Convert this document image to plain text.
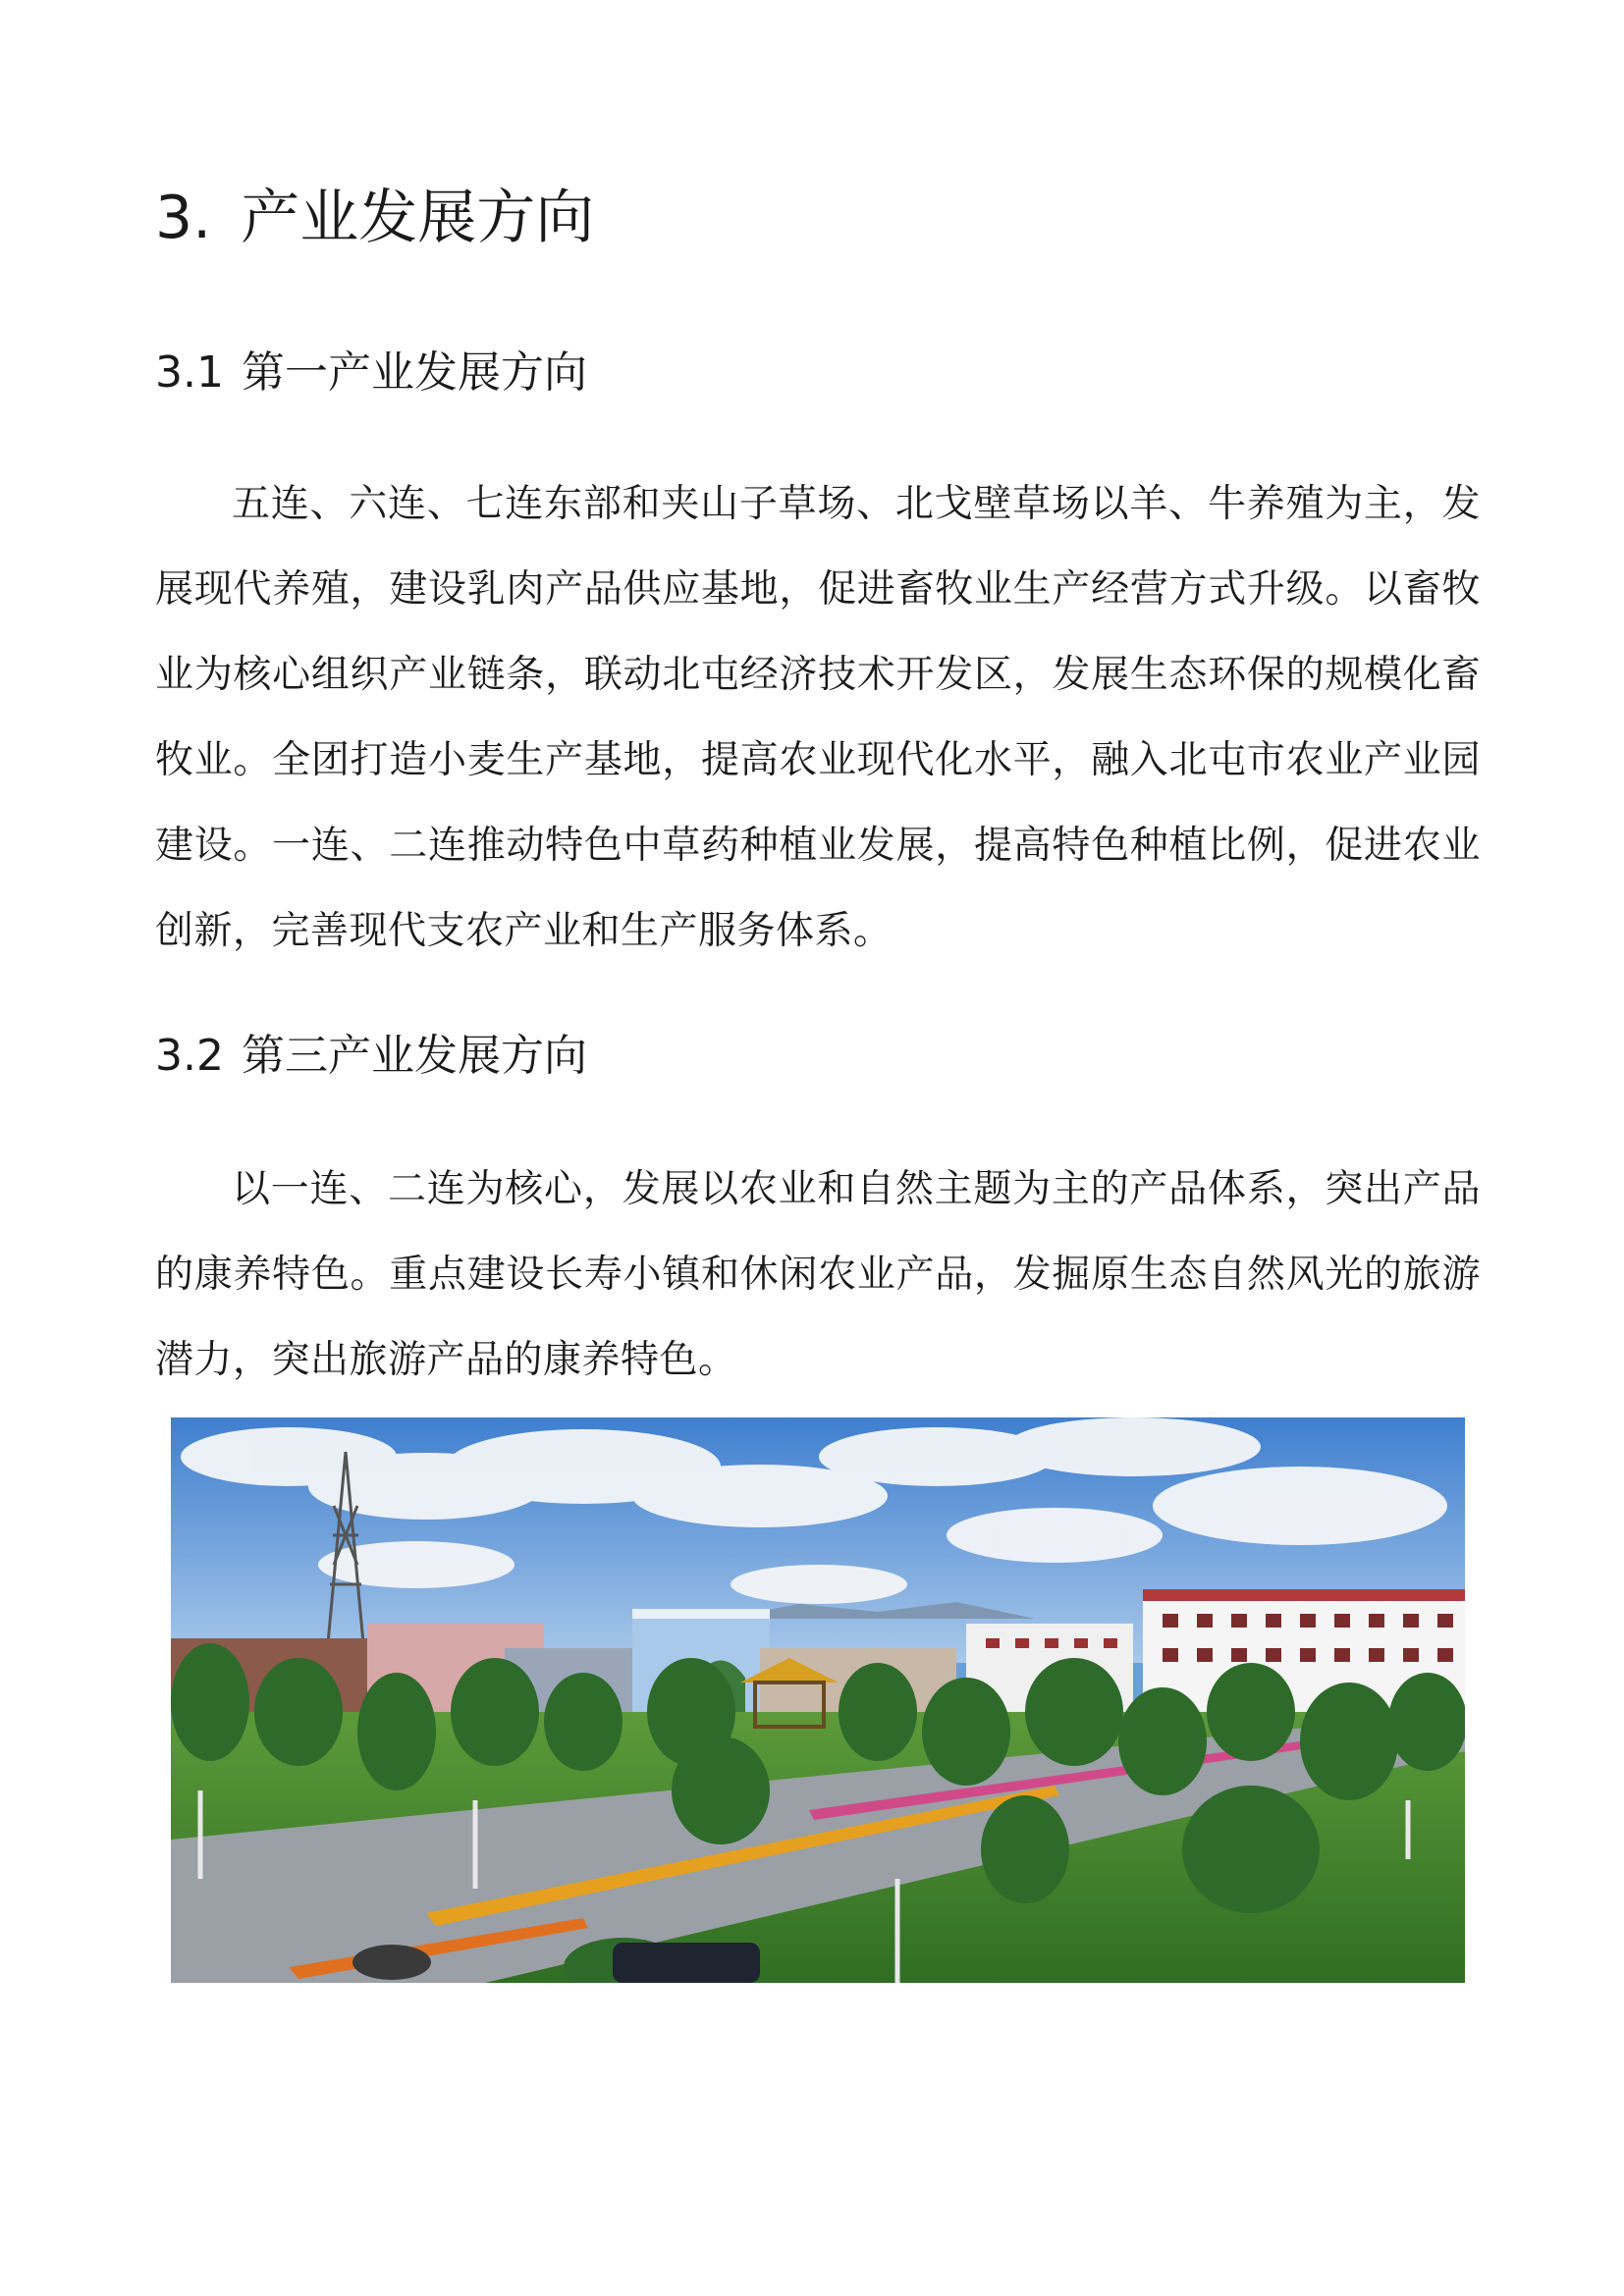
3. 产业发展方向
3.1 第一产业发展方向

五连、六连、七连东部和夹山子草场、北戈壁草场以羊、牛养殖为主，发展现代养殖，建设乳肉产品供应基地，促进畜牧业生产经营方式升级。以畜牧业为核心组织产业链条，联动北屯经济技术开发区，发展生态环保的规模化畜牧业。全团打造小麦生产基地，提高农业现代化水平，融入北屯市农业产业园建设。一连、二连推动特色中草药种植业发展，提高特色种植比例，促进农业创新，完善现代支农产业和生产服务体系。

3.2 第三产业发展方向

以一连、二连为核心，发展以农业和自然主题为主的产品体系，突出产品的康养特色。重点建设长寿小镇和休闲农业产品，发掘原生态自然风光的旅游潜力，突出旅游产品的康养特色。
